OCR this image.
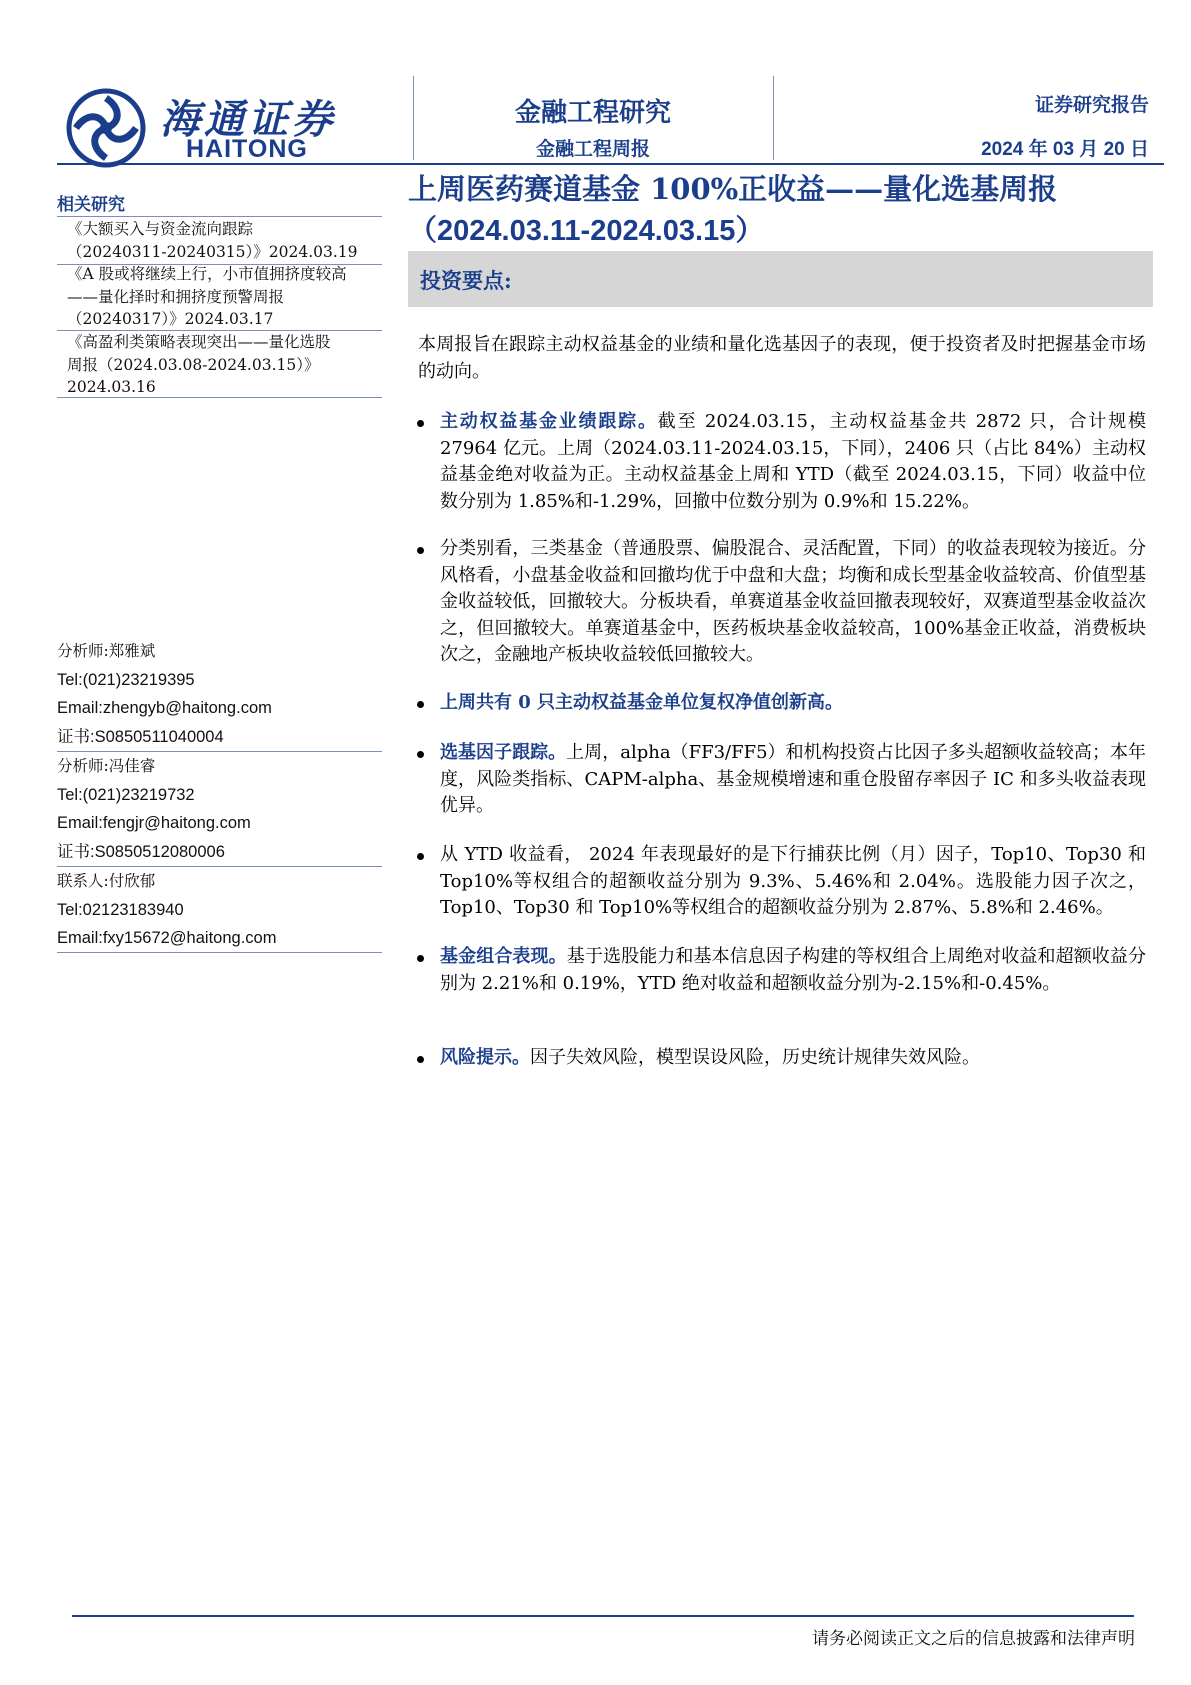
海通证券
HAITONG
金融工程研究
金融工程周报
证券研究报告
2024 年 03 月 20 日
上周医药赛道基金 100%正收益——量化选基周报
（2024.03.11-2024.03.15）
投资要点:
相关研究
《大额买入与资金流向跟踪
（20240311-20240315）》2024.03.19
《A 股或将继续上行，小市值拥挤度较高
——量化择时和拥挤度预警周报
（20240317）》2024.03.17
《高盈利类策略表现突出——量化选股
周报（2024.03.08-2024.03.15）》
2024.03.16
分析师:郑雅斌
Tel:(021)23219395
Email:zhengyb@haitong.com
证书:S0850511040004
分析师:冯佳睿
Tel:(021)23219732
Email:fengjr@haitong.com
证书:S0850512080006
联系人:付欣郁
Tel:02123183940
Email:fxy15672@haitong.com
本周报旨在跟踪主动权益基金的业绩和量化选基因子的表现，便于投资者及时把握基金市场的动向。
主动权益基金业绩跟踪。截至 2024.03.15，主动权益基金共 2872 只，合计规模 27964 亿元。上周（2024.03.11-2024.03.15，下同），2406 只（占比 84%）主动权益基金绝对收益为正。主动权益基金上周和 YTD（截至 2024.03.15，下同）收益中位数分别为 1.85%和-1.29%，回撤中位数分别为 0.9%和 15.22%。
分类别看，三类基金（普通股票、偏股混合、灵活配置，下同）的收益表现较为接近。分风格看，小盘基金收益和回撤均优于中盘和大盘；均衡和成长型基金收益较高、价值型基金收益较低，回撤较大。分板块看，单赛道基金收益回撤表现较好，双赛道型基金收益次之，但回撤较大。单赛道基金中，医药板块基金收益较高，100%基金正收益，消费板块次之，金融地产板块收益较低回撤较大。
上周共有 0 只主动权益基金单位复权净值创新高。
选基因子跟踪。上周，alpha（FF3/FF5）和机构投资占比因子多头超额收益较高；本年度，风险类指标、CAPM-alpha、基金规模增速和重仓股留存率因子 IC 和多头收益表现优异。
从 YTD 收益看， 2024 年表现最好的是下行捕获比例（月）因子，Top10、Top30 和 Top10%等权组合的超额收益分别为 9.3%、5.46%和 2.04%。选股能力因子次之，Top10、Top30 和 Top10%等权组合的超额收益分别为 2.87%、5.8%和 2.46%。
基金组合表现。基于选股能力和基本信息因子构建的等权组合上周绝对收益和超额收益分别为 2.21%和 0.19%，YTD 绝对收益和超额收益分别为-2.15%和-0.45%。
风险提示。因子失效风险，模型误设风险，历史统计规律失效风险。
请务必阅读正文之后的信息披露和法律声明
